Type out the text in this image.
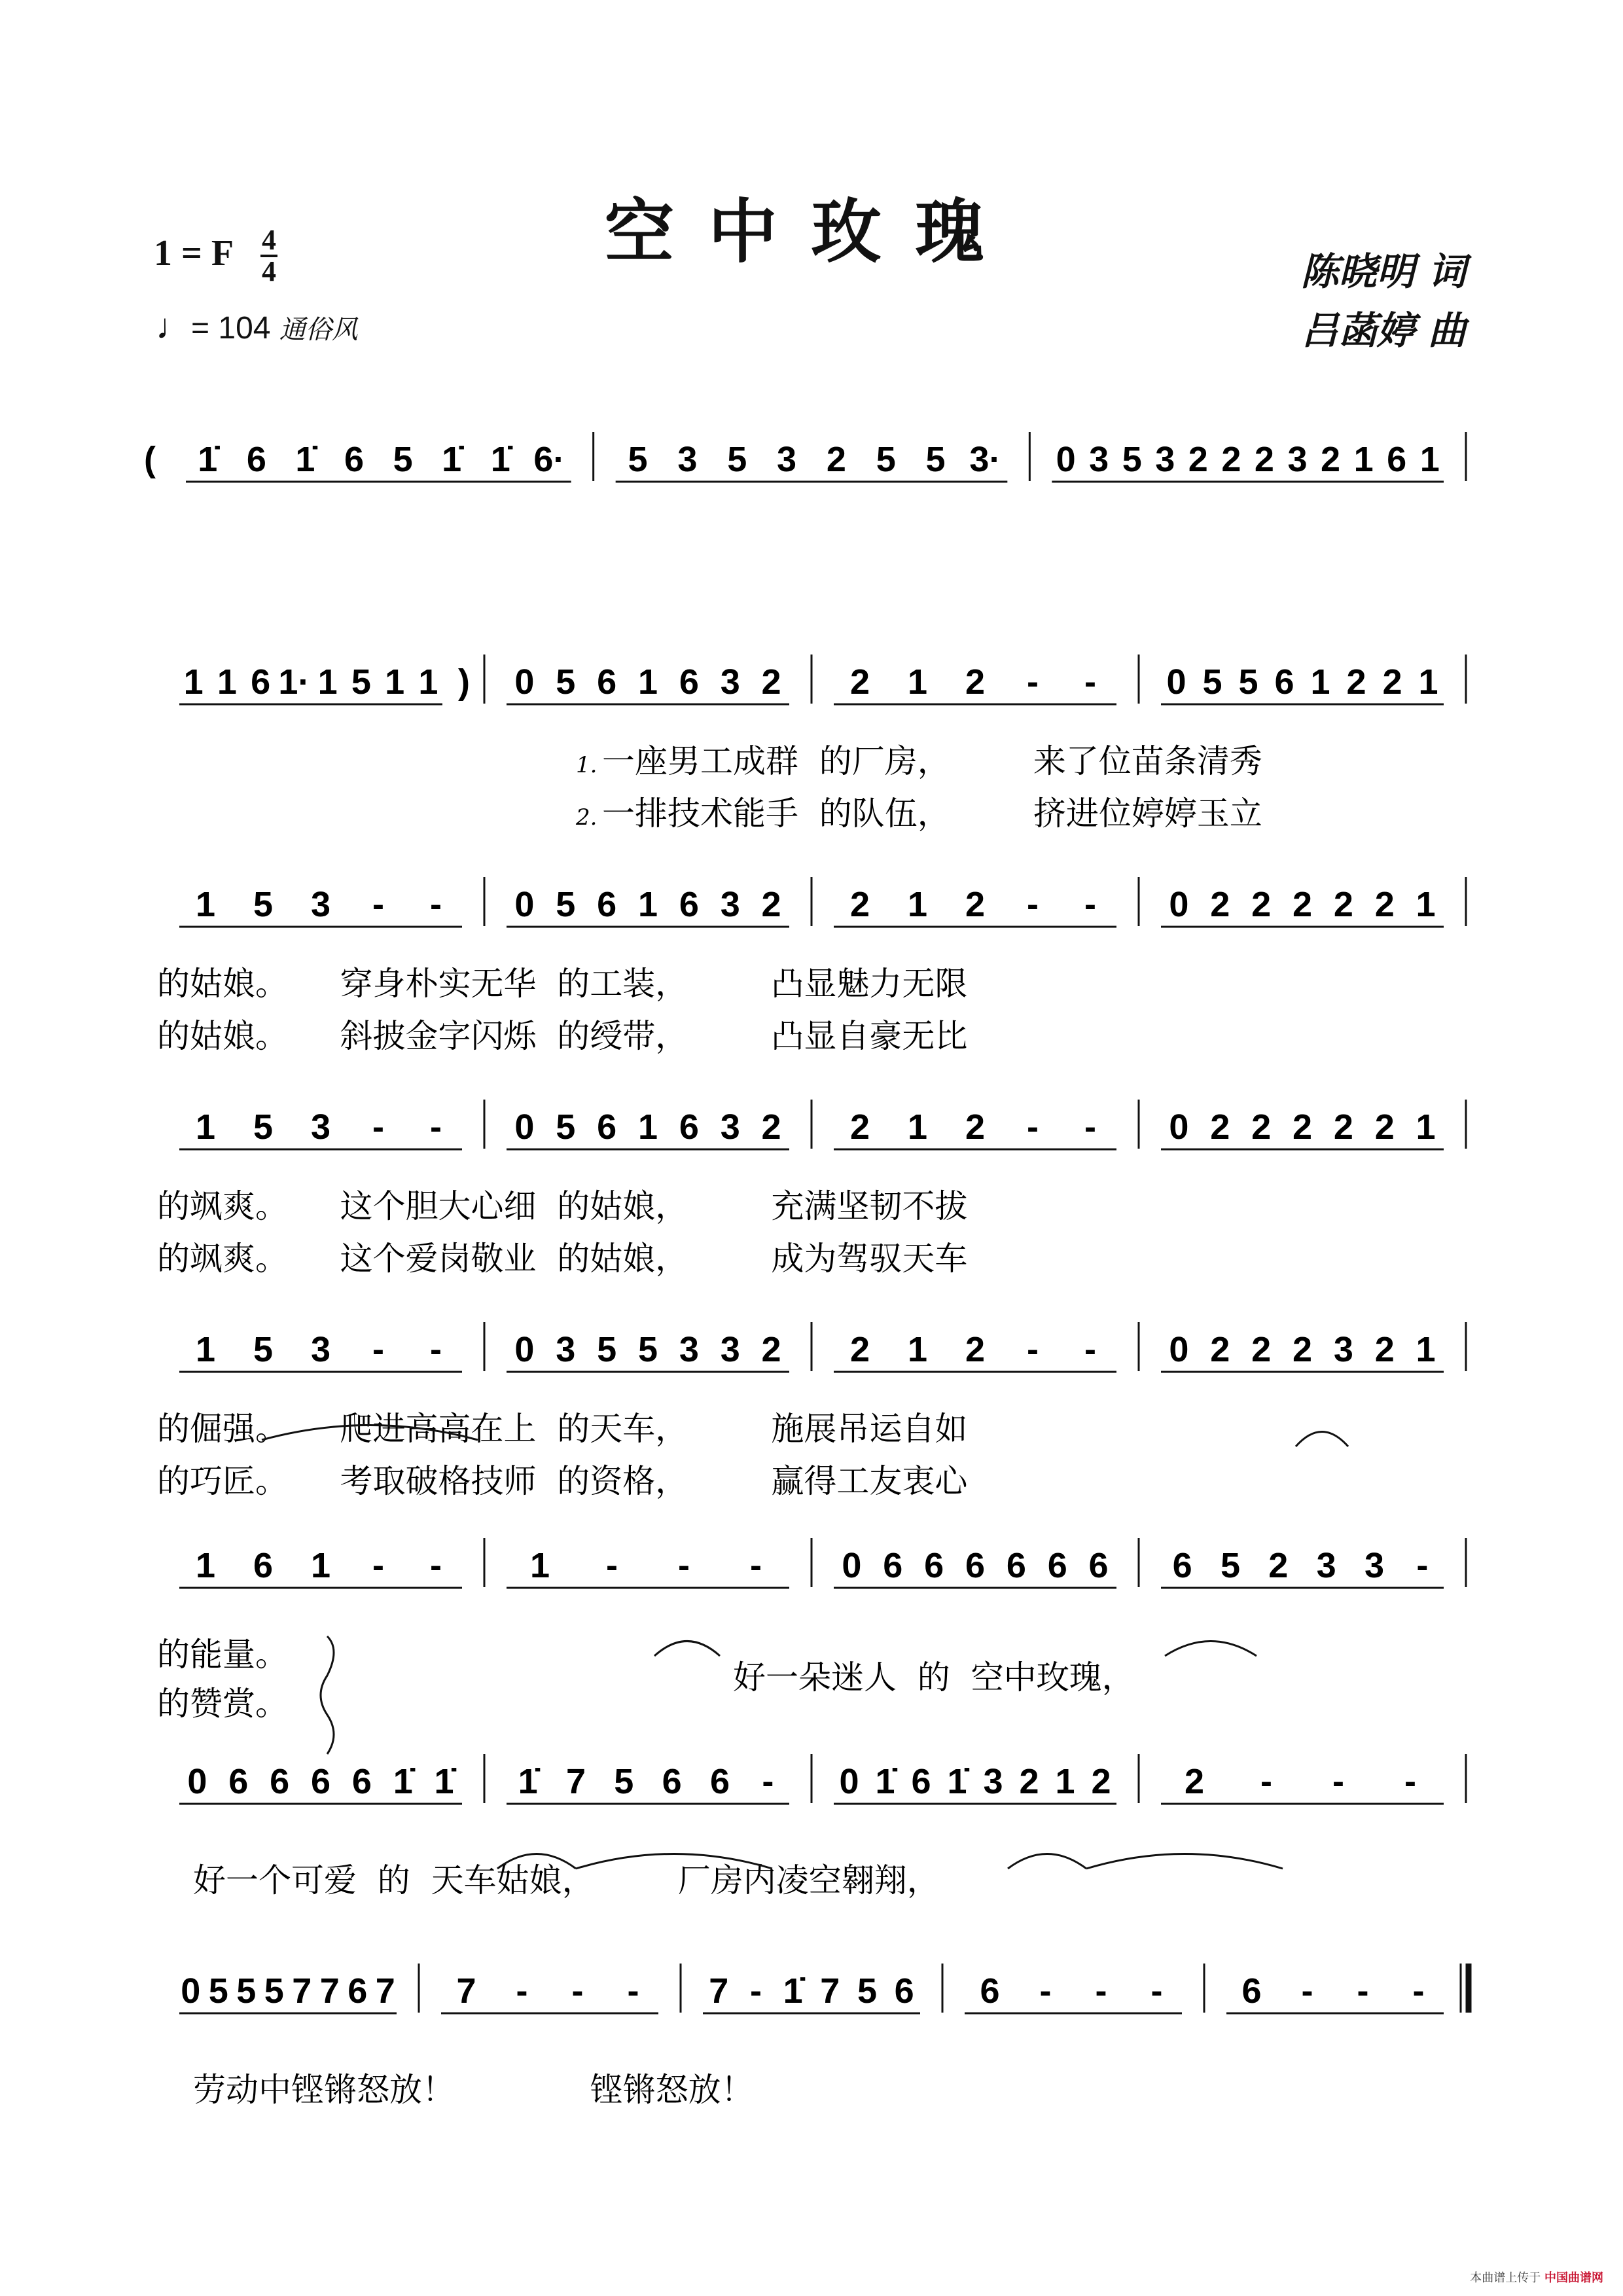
空中玫瑰
1 = F 4
4
♩= 104 通俗风
陈晓明 词
吕菡婷 曲
( 1̇ 6 1̇ 6 5 1̇ 1̇ 6· 5 3 5 3 2 5 5 3· 0 3 5 3 2 2 2 3 2 1 6 1
1 1 6 1· 1 5 1 1 ) 0 5 6 1 6 3 2 2 1 2 - - 0 5 5 6 1 2 2 1
1. 一座男工成群  的厂房，        来了位苗条清秀
2. 一排技术能手  的队伍，        挤进位婷婷玉立
1 5 3 - - 0 5 6 1 6 3 2 2 1 2 - - 0 2 2 2 2 2 1
的姑娘。     穿身朴实无华  的工装，        凸显魅力无限
的姑娘。     斜披金字闪烁  的绶带，        凸显自豪无比
1 5 3 - - 0 5 6 1 6 3 2 2 1 2 - - 0 2 2 2 2 2 1
的飒爽。     这个胆大心细  的姑娘，        充满坚韧不拔
的飒爽。     这个爱岗敬业  的姑娘，        成为驾驭天车
1 5 3 - - 0 3 5 5 3 3 2 2 1 2 - - 0 2 2 2 3 2 1
的倔强。     爬进高高在上  的天车，        施展吊运自如
的巧匠。     考取破格技师  的资格，        赢得工友衷心
1 6 1 - - 1 - - - 0 6 6 6 6 6 6 6 5 2 3 3 -
的能量。
的赞赏。
好一朵迷人  的  空中玫瑰，
0 6 6 6 6 1̇ 1̇ 1̇ 7 5 6 6 - 0 1̇ 6 1̇ 3 2 1 2 2 - - -
好一个可爱  的  天车姑娘，        厂房内凌空翱翔，
0 5 5 5 7 7 6 7 7 - - - 7 - 1̇ 7 5 6 6 - - - 6 - - -
劳动中铿锵怒放！             铿锵怒放！
本曲谱上传于 中国曲谱网
